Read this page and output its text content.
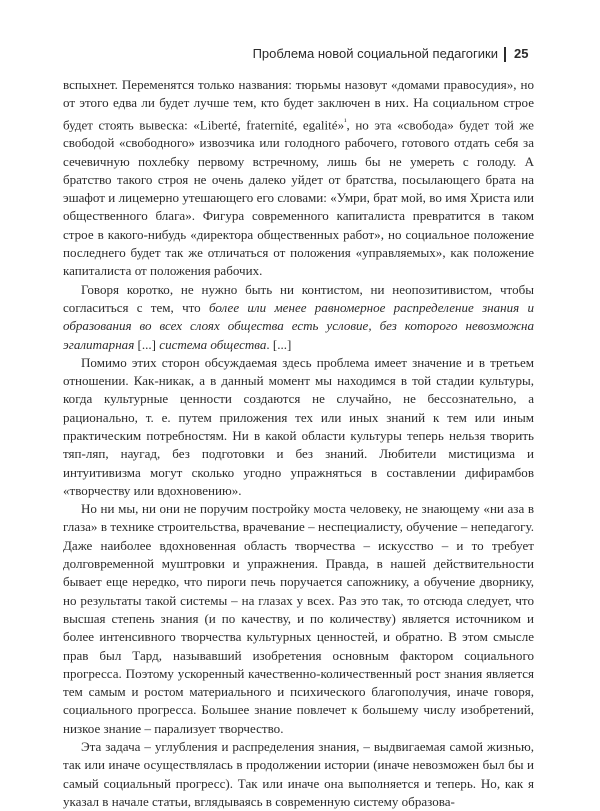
Проблема новой социальной педагогики 25

вспыхнет. Переменятся только названия: тюрьмы назовут «домами правосудия», но от этого едва ли будет лучше тем, кто будет заключен в них. На социальном строе будет стоять вывеска: «Liberté, fraternité, egalité»$^{^1}$, но эта «свобода» будет той же свободой «свободного» извозчика или голодного рабочего, готового отдать себя за сечевичную похлебку первому встречному, лишь бы не умереть с голоду. А братство такого строя не очень далеко уйдет от братства, посылающего брата на эшафот и лицемерно утешающего его словами: «Умри, брат мой, во имя Христа или общественного блага». Фигура современного капиталиста превратится в таком строе в какого-нибудь «директора общественных работ», но социальное положение последнего будет так же отличаться от положения «управляемых», как положение капиталиста от положения рабочих.

Говоря коротко, не нужно быть ни контистом, ни неопозитивистом, чтобы согласиться с тем, что более или менее равномерное распределение знания и образования во всех слоях общества есть условие, без которого невозможна эгалитарная [...] система общества. [...]

Помимо этих сторон обсуждаемая здесь проблема имеет значение и в третьем отношении. Как-никак, а в данный момент мы находимся в той стадии культуры, когда культурные ценности создаются не случайно, не бессознательно, а рационально, т. е. путем приложения тех или иных знаний к тем или иным практическим потребностям. Ни в какой области культуры теперь нельзя творить тяп-ляп, наугад, без подготовки и без знаний. Любители мистицизма и интуитивизма могут сколько угодно упражняться в составлении дифирамбов «творчеству или вдохновению».

Но ни мы, ни они не поручим постройку моста человеку, не знающему «ни аза в глаза» в технике строительства, врачевание – неспециалисту, обучение – непедагогу. Даже наиболее вдохновенная область творчества – искусство – и то требует долговременной муштровки и упражнения. Правда, в нашей действительности бывает еще нередко, что пироги печь поручается сапожнику, а обучение дворнику, но результаты такой системы – на глазах у всех. Раз это так, то отсюда следует, что высшая степень знания (и по качеству, и по количеству) является источником и более интенсивного творчества культурных ценностей, и обратно. В этом смысле прав был Тард, называвший изобретения основным фактором социального прогресса. Поэтому ускоренный качественно-количественный рост знания является тем самым и ростом материального и психического благополучия, иначе говоря, социального прогресса. Большее знание повлечет к большему числу изобретений, низкое знание – парализует творчество.

Эта задача – углубления и распределения знания, – выдвигаемая самой жизнью, так или иначе осуществлялась в продолжении истории (иначе невозможен был бы и самый социальный прогресс). Так или иначе она выполняется и теперь. Но, как я указал в начале статьи, вглядываясь в современную систему образова-
